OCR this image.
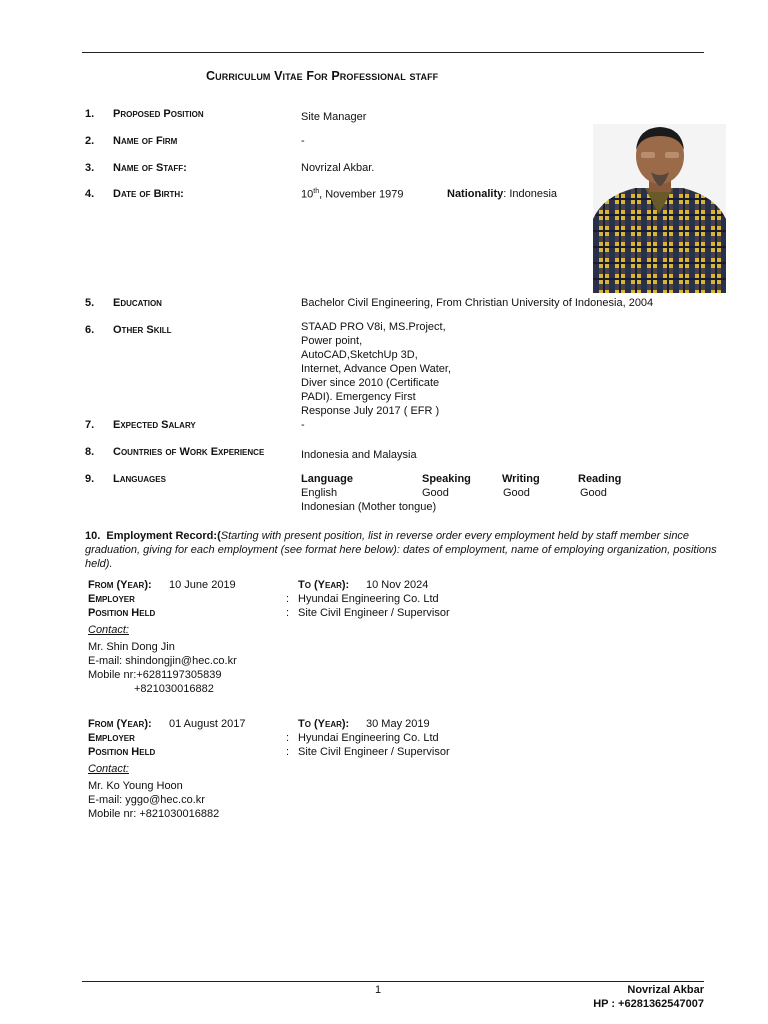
Curriculum Vitae For Professional staff
1. Proposed Position	Site Manager
2. Name of Firm	-
3. Name of Staff:	Novrizal Akbar.
4. Date of Birth:	10th, November 1979	Nationality: Indonesia
5. Education	Bachelor Civil Engineering, From Christian University of Indonesia, 2004
6. Other Skill	STAAD PRO V8i, MS.Project,
Power point,
AutoCAD,SketchUp 3D,
Internet, Advance Open Water,
Diver since 2010 (Certificate
PADI). Emergency First
Response July 2017 ( EFR )
7. Expected Salary	-
8. Countries of Work Experience	Indonesia and Malaysia
9. Languages	Language	Speaking	Writing	Reading
English	Good	Good	Good
Indonesian (Mother tongue)
10. Employment Record:(Starting with present position, list in reverse order every employment held by staff member since graduation, giving for each employment (see format here below): dates of employment, name of employing organization, positions held).
From (Year): 10 June 2019	To (Year): 10 Nov 2024
Employer	: Hyundai Engineering Co. Ltd
Position Held	: Site Civil Engineer / Supervisor
Contact:
Mr. Shin Dong Jin
E-mail: shindongjin@hec.co.kr
Mobile nr:+6281197305839
+821030016882
From (Year): 01 August 2017	To (Year): 30 May 2019
Employer	: Hyundai Engineering Co. Ltd
Position Held	: Site Civil Engineer / Supervisor
Contact:
Mr. Ko Young Hoon
E-mail: yggo@hec.co.kr
Mobile nr: +821030016882
1	Novrizal Akbar
HP : +6281362547007
